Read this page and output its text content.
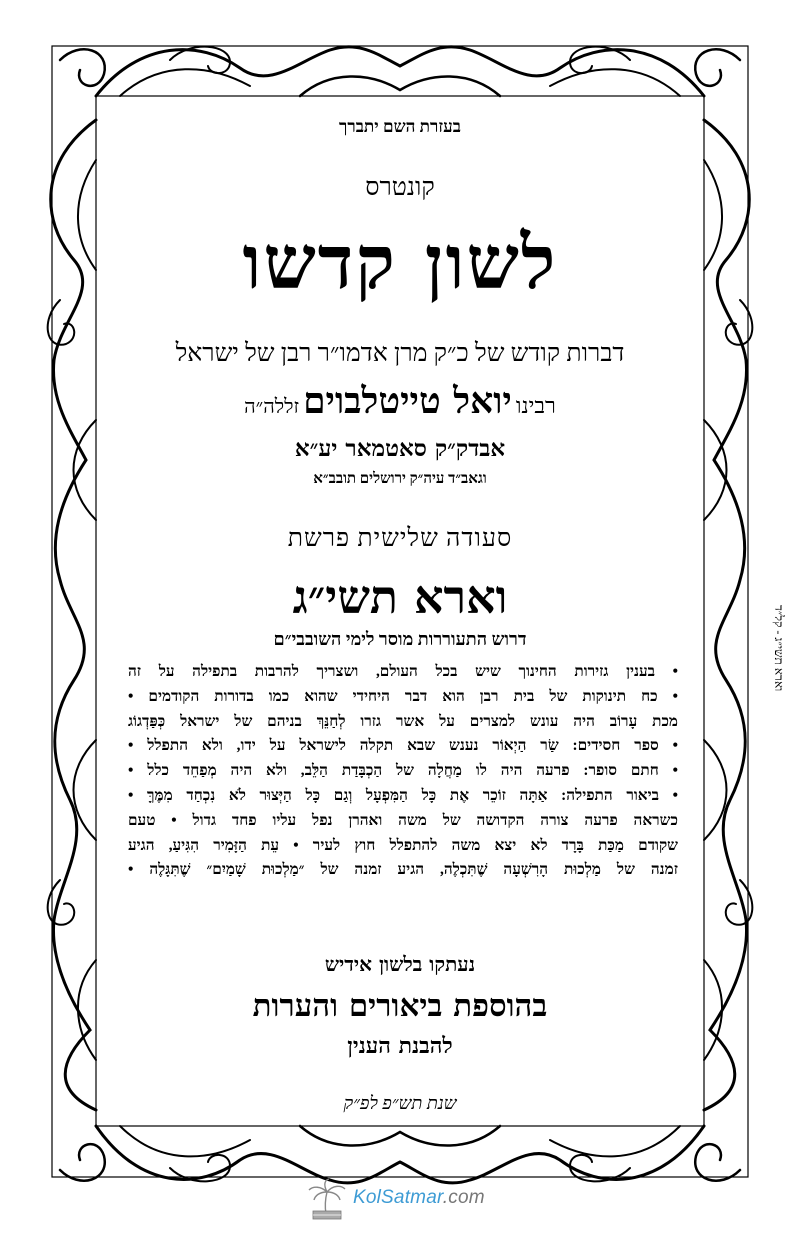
בעזרת השם יתברך
קונטרס
לשון קדשו
דברות קודש של כ״ק מרן אדמו״ר רבן של ישראל
רבינו יואל טייטלבוים זללה״ה
אבדק״ק סאטמאר יע״א
וגאב״ד עיה״ק ירושלים תובב״א
סעודה שלישית פרשת
וארא תשי״ג
דרוש התעוררות מוסר לימי השובבי״ם
• בענין גזירות החינוך שיש בכל העולם, ושצריך להרבות בתפילה על זה
• כח תינוקות של בית רבן הוא דבר היחידי שהוא כמו בדורות הקודמים •
מכת עָרוֹב היה עונש למצרים על אשר גזרו לְחַנֵּךְ בניהם של ישראל כְּפַּדְגוֹג
• ספר חסידים: שַׂר הַיְאוֹר נענש שבא תקלה לישראל על ידו, ולא התפלל •
• חתם סופר: פרעה היה לו מַחֲלָה של הַכְבָּדַת הַלֵּב, ולא היה מְפַחֵד כלל •
• ביאור התפילה: אַתָּה זוֹכֵר אֶת כָּל הַמִּפְעָל וְגַם כָּל הַיְּצוּר לֹא נִכְחַד מִמֶּךָּ •
כשראה פרעה צורה הקדושה של משה ואהרן נפל עליו פחד גדול • טעם
שקודם מַכַּת בָּרָד לא יצא משה להתפלל חוץ לעיר • עֵת הַזָּמִיר הִגִּיעַ, הגיע
זמנה של מַלְכוּת הָרִשְׁעָה שֶׁתִּכְלֶה, הגיע זמנה של ״מַלְכוּת שָׁמַיִם״ שֶׁתִּגָּלֶה •
נעתקו בלשון אידיש
בהוספת ביאורים והערות
להבנת הענין
שנת תש״פ לפ״ק
וארא תשי״ג - קל״ד
KolSatmar.com
